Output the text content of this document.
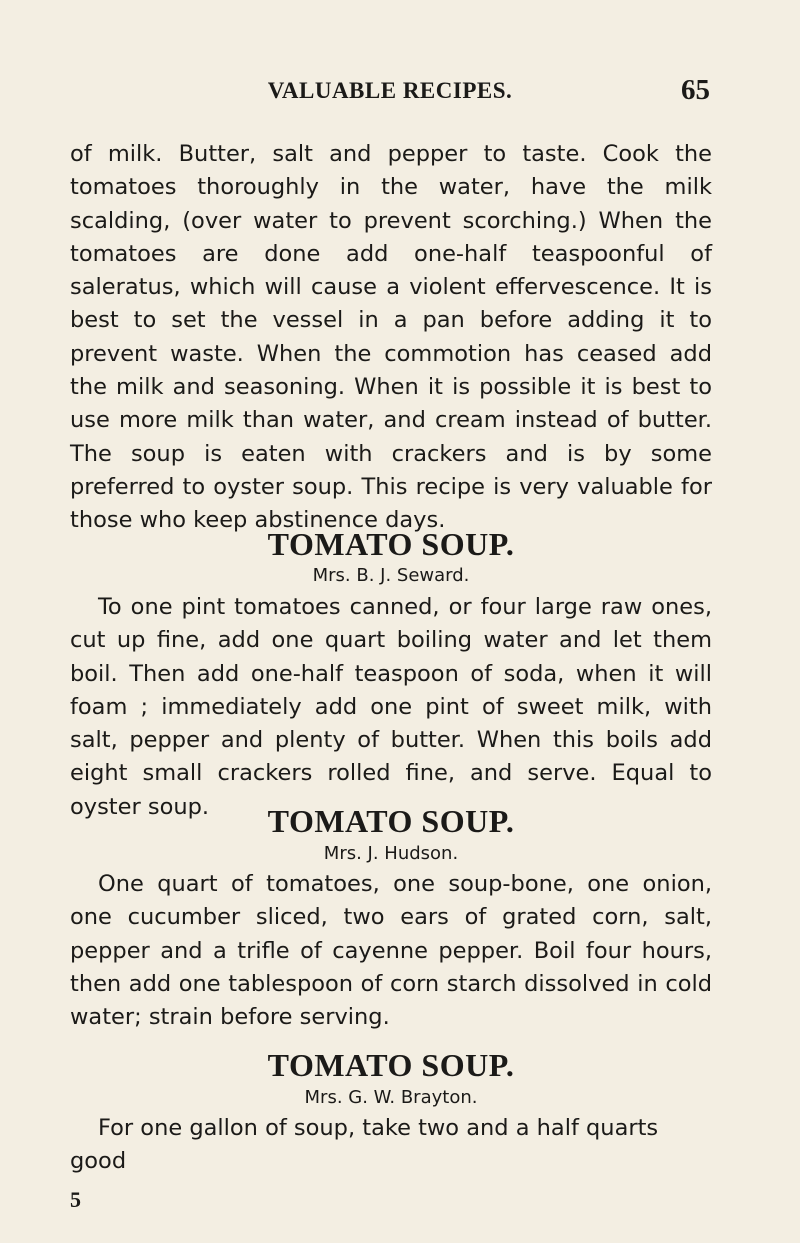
VALUABLE RECIPES.	65

of milk. Butter, salt and pepper to taste. Cook the tomatoes thoroughly in the water, have the milk scalding, (over water to prevent scorching.) When the tomatoes are done add one-half teaspoonful of saleratus, which will cause a violent effervescence. It is best to set the vessel in a pan before adding it to prevent waste. When the commotion has ceased add the milk and seasoning. When it is possible it is best to use more milk than water, and cream instead of butter. The soup is eaten with crackers and is by some preferred to oyster soup. This recipe is very valuable for those who keep abstinence days.

TOMATO SOUP.

Mrs. B. J. Seward.

To one pint tomatoes canned, or four large raw ones, cut up fine, add one quart boiling water and let them boil. Then add one-half teaspoon of soda, when it will foam ; immediately add one pint of sweet milk, with salt, pepper and plenty of butter. When this boils add eight small crackers rolled fine, and serve. Equal to oyster soup.	TOMATO SOUP.

Mrs. J. Hudson.

One quart of tomatoes, one soup-bone, one onion, one cucumber sliced, two ears of grated corn, salt, pepper and a trifle of cayenne pepper. Boil four hours, then add one tablespoon of corn starch dissolved in cold water; strain before serving.

TOMATO SOUP.

Mrs. G. W. Brayton.

For one gallon of soup, take two and a half quarts good

5
